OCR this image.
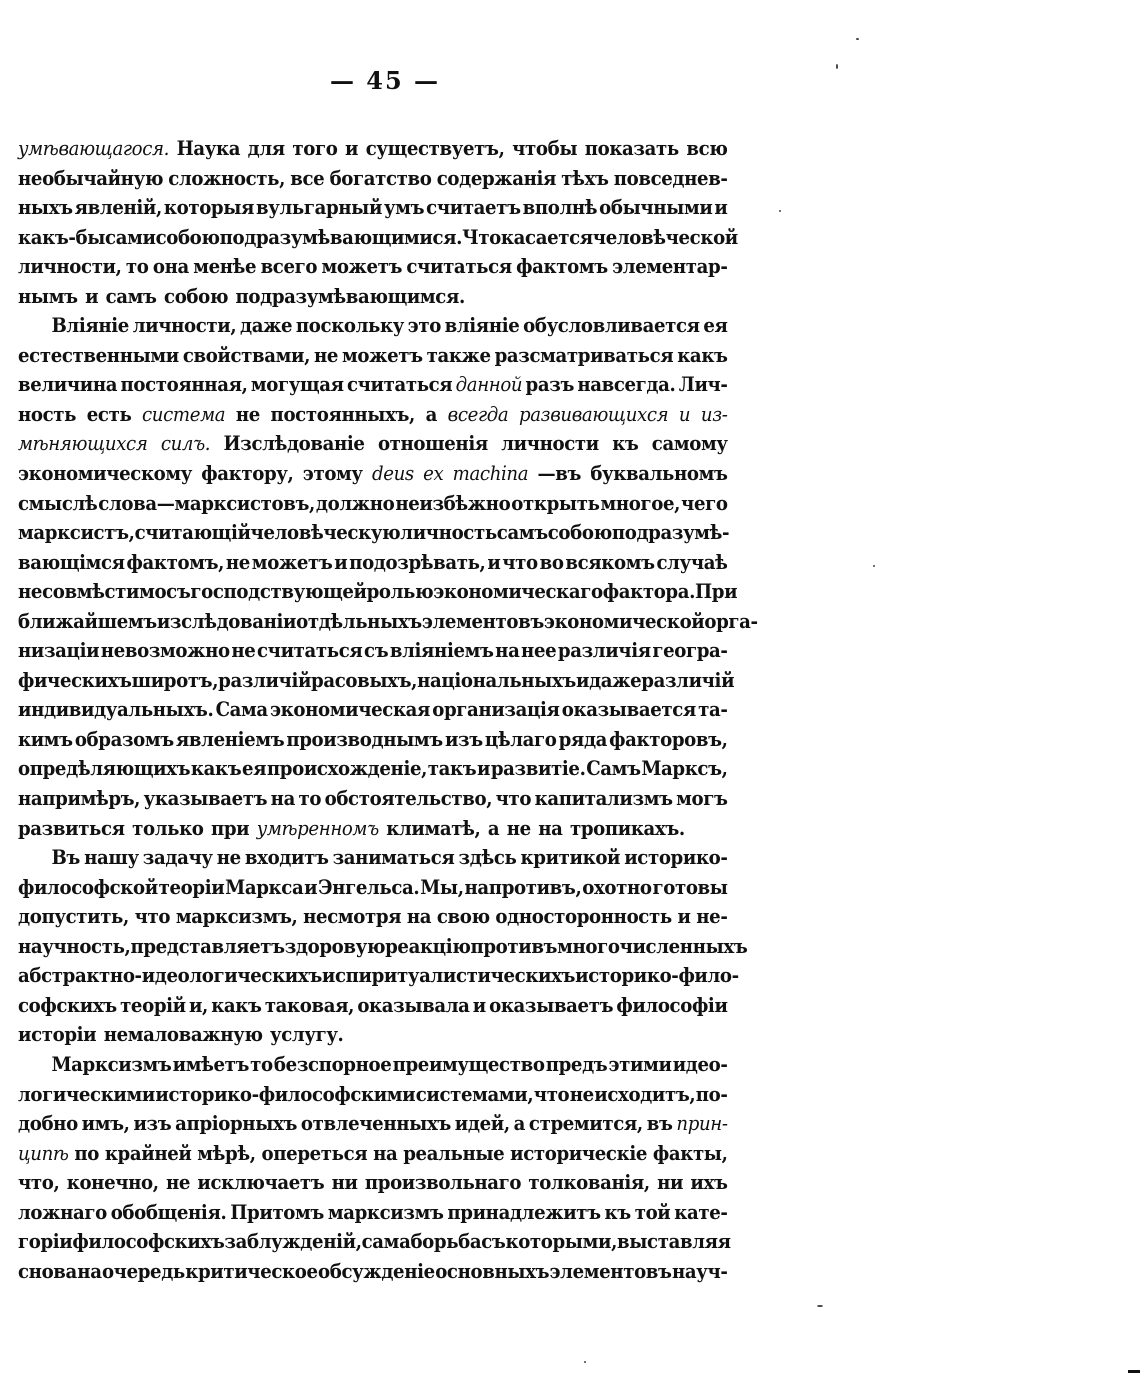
— 45 —
умѣвающагося. Наука для того и существуетъ, чтобы показать всю
необычайную сложность, все богатство содержанія тѣхъ повседнев-
ныхъ явленій, которыя вульгарный умъ считаетъ вполнѣ обычными и
какъ-бы сами собою подразумѣвающимися. Что касается человѣческой
личности, то она менѣе всего можетъ считаться фактомъ элементар-
нымъ и самъ собою подразумѣвающимся.
Вліяніе личности, даже поскольку это вліяніе обусловливается ея
естественными свойствами, не можетъ также разсматриваться какъ
величина постоянная, могущая считаться данной разъ навсегда. Лич-
ность есть система не постоянныхъ, а всегда развивающихся и из-
мѣняющихся силъ. Изслѣдованіе отношенія личности къ самому
экономическому фактору, этому deus ex machina —въ буквальномъ
смыслѣ слова—марксистовъ, должно неизбѣжно открыть многое, чего
марксистъ, считающій человѣческую личность самъ собою подразумѣ-
вающімся фактомъ, не можетъ и подозрѣвать, и что во всякомъ случаѣ
несовмѣстимо съ господствующей ролью экономическаго фактора. При
ближайшемъ изслѣдованіи отдѣльныхъ элементовъ экономической орга-
низаціи невозможно не считаться съ вліяніемъ на нее различія геогра-
фическихъ широтъ, различій расовыхъ, національныхъ и даже различій
индивидуальныхъ. Сама экономическая организація оказывается та-
кимъ образомъ явленіемъ производнымъ изъ цѣлаго ряда факторовъ,
опредѣляющихъ какъ ея происхожденіе, такъ и развитіе. Самъ Марксъ,
напримѣръ, указываетъ на то обстоятельство, что капитализмъ могъ
развиться только при умѣренномъ климатѣ, а не на тропикахъ.
Въ нашу задачу не входитъ заниматься здѣсь критикой историко-
философской теоріи Маркса и Энгельса. Мы, напротивъ, охотно готовы
допустить, что марксизмъ, несмотря на свою односторонность и не-
научность, представляетъ здоровую реакцію противъ многочисленныхъ
абстрактно-идеологическихъ и спиритуалистическихъ историко-фило-
софскихъ теорій и, какъ таковая, оказывала и оказываетъ философіи
исторіи немаловажную услугу.
Марксизмъ имѣетъ то безспорное преимущество предъ этими идео-
логическими историко-философскими системами, что не исходитъ, по-
добно имъ, изъ апріорныхъ отвлеченныхъ идей, а стремится, въ прин-
ципѣ по крайней мѣрѣ, опереться на реальные историческіе факты,
что, конечно, не исключаетъ ни произвольнаго толкованія, ни ихъ
ложнаго обобщенія. Притомъ марксизмъ принадлежитъ къ той кате-
горіи философскихъ заблужденій, сама борьба съ которыми, выставляя
снова на очередь критическое обсужденіе основныхъ элементовъ науч-
